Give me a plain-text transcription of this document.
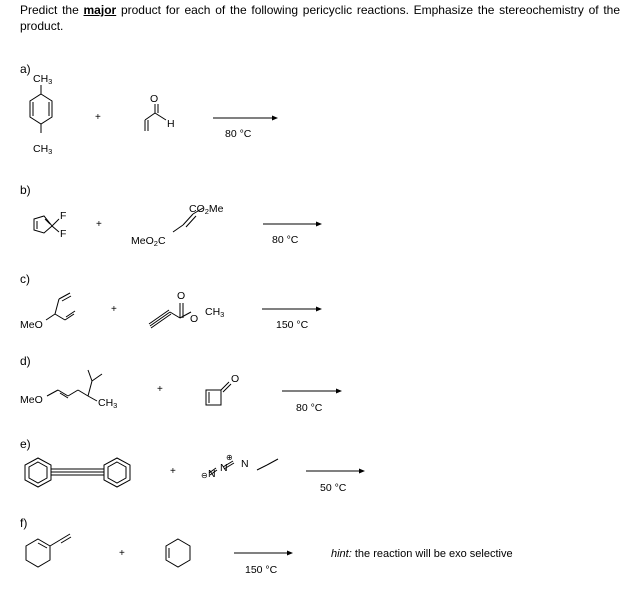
Predict the major product for each of the following pericyclic reactions. Emphasize the stereochemistry of the product.
a)
b)
c)
d)
e)
f)
$CH_3$
$CH_3$
H
O
+
80 °C
F
F
$CO_2Me$
MeO$_2$C
+
80 °C
MeO
O
O
$CH_3$
+
150 °C
MeO	$CH_3$
O
+
80 °C
N N N
⊖
⊕
+
50 °C
+
150 °C
hint: the reaction will be exo selective
